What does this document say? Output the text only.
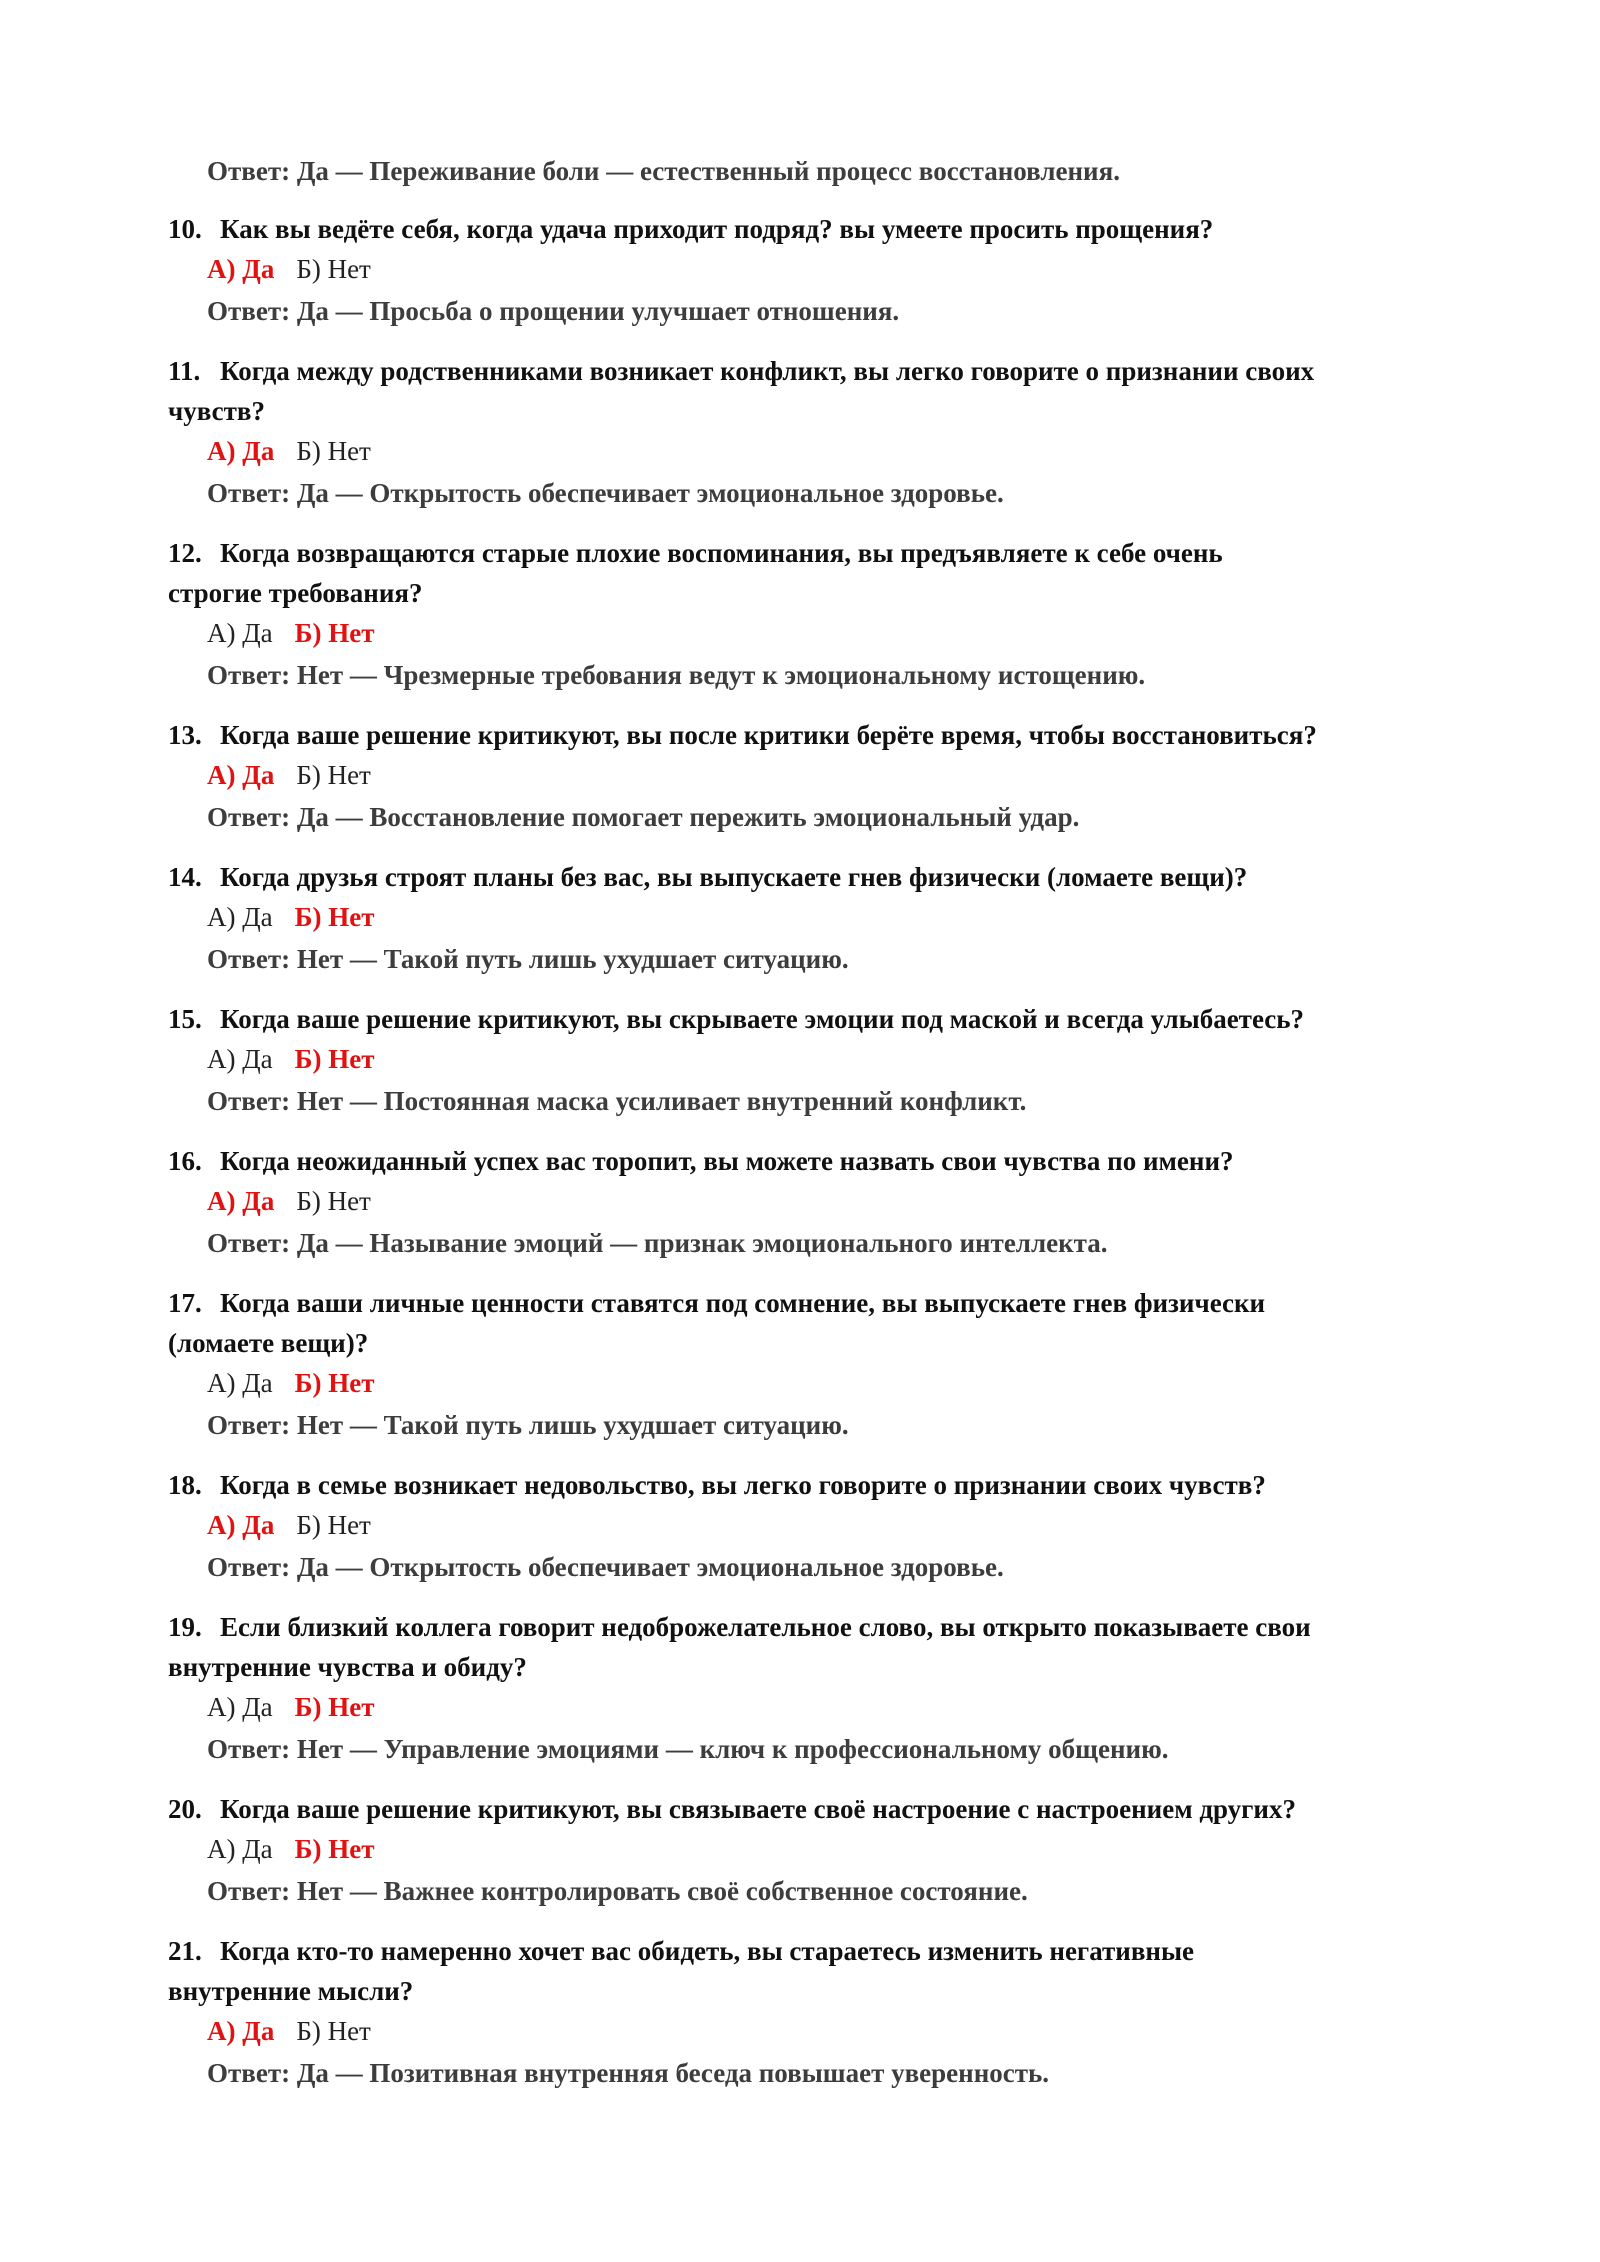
Ответ: Да — Переживание боли — естественный процесс восстановления.
10. Как вы ведёте себя, когда удача приходит подряд? вы умеете просить прощения?
А) Да Б) Нет
Ответ: Да — Просьба о прощении улучшает отношения.
11. Когда между родственниками возникает конфликт, вы легко говорите о признании своих
чувств?
А) Да Б) Нет
Ответ: Да — Открытость обеспечивает эмоциональное здоровье.
12. Когда возвращаются старые плохие воспоминания, вы предъявляете к себе очень
строгие требования?
А) Да Б) Нет
Ответ: Нет — Чрезмерные требования ведут к эмоциональному истощению.
13. Когда ваше решение критикуют, вы после критики берёте время, чтобы восстановиться?
А) Да Б) Нет
Ответ: Да — Восстановление помогает пережить эмоциональный удар.
14. Когда друзья строят планы без вас, вы выпускаете гнев физически (ломаете вещи)?
А) Да Б) Нет
Ответ: Нет — Такой путь лишь ухудшает ситуацию.
15. Когда ваше решение критикуют, вы скрываете эмоции под маской и всегда улыбаетесь?
А) Да Б) Нет
Ответ: Нет — Постоянная маска усиливает внутренний конфликт.
16. Когда неожиданный успех вас торопит, вы можете назвать свои чувства по имени?
А) Да Б) Нет
Ответ: Да — Называние эмоций — признак эмоционального интеллекта.
17. Когда ваши личные ценности ставятся под сомнение, вы выпускаете гнев физически
(ломаете вещи)?
А) Да Б) Нет
Ответ: Нет — Такой путь лишь ухудшает ситуацию.
18. Когда в семье возникает недовольство, вы легко говорите о признании своих чувств?
А) Да Б) Нет
Ответ: Да — Открытость обеспечивает эмоциональное здоровье.
19. Если близкий коллега говорит недоброжелательное слово, вы открыто показываете свои
внутренние чувства и обиду?
А) Да Б) Нет
Ответ: Нет — Управление эмоциями — ключ к профессиональному общению.
20. Когда ваше решение критикуют, вы связываете своё настроение с настроением других?
А) Да Б) Нет
Ответ: Нет — Важнее контролировать своё собственное состояние.
21. Когда кто-то намеренно хочет вас обидеть, вы стараетесь изменить негативные
внутренние мысли?
А) Да Б) Нет
Ответ: Да — Позитивная внутренняя беседа повышает уверенность.
